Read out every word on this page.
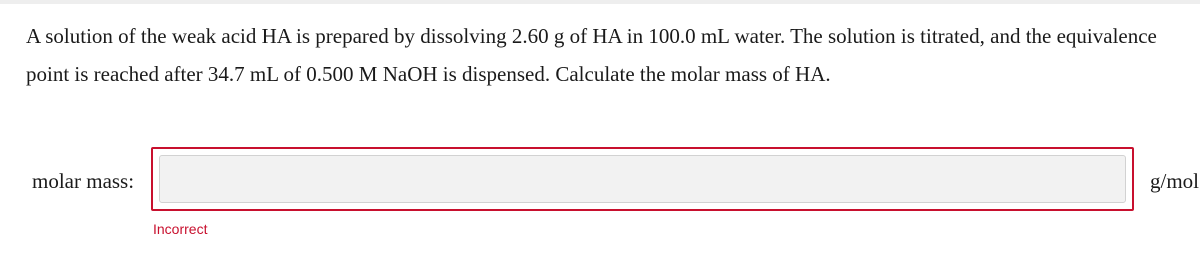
A solution of the weak acid HA is prepared by dissolving 2.60 g of HA in 100.0 mL water. The solution is titrated, and the equivalence point is reached after 34.7 mL of 0.500 M NaOH is dispensed. Calculate the molar mass of HA.

molar mass:	g/mol
Incorrect
